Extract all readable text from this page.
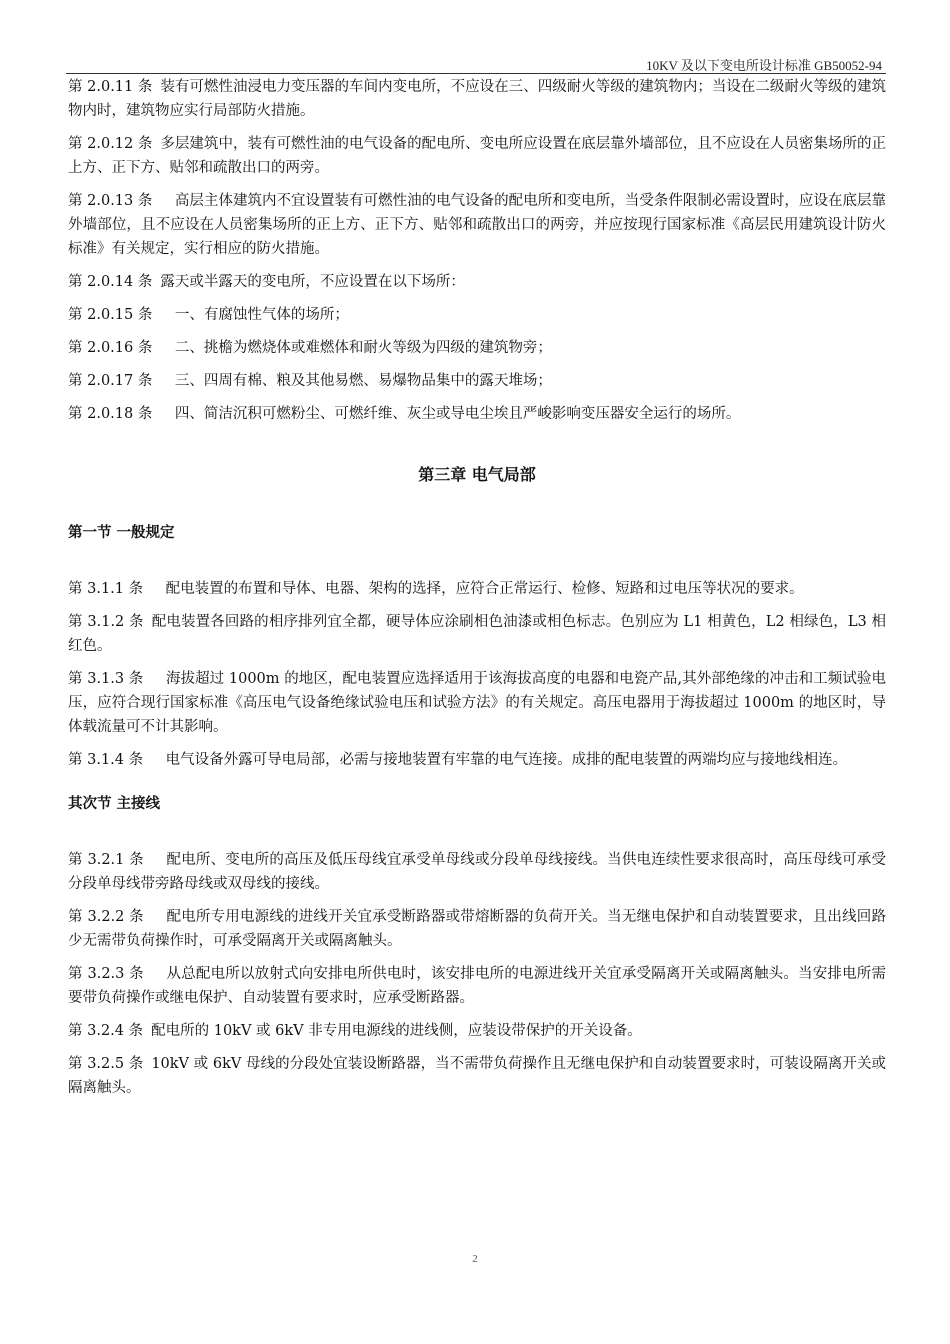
10KV 及以下变电所设计标准 GB50052-94

第 2.0.11 条 装有可燃性油浸电力变压器的车间内变电所，不应设在三、四级耐火等级的建筑物内；当设在二级耐火等级的建筑物内时，建筑物应实行局部防火措施。

第 2.0.12 条 多层建筑中，装有可燃性油的电气设备的配电所、变电所应设置在底层靠外墙部位，且不应设在人员密集场所的正上方、正下方、贴邻和疏散出口的两旁。

第 2.0.13 条　高层主体建筑内不宜设置装有可燃性油的电气设备的配电所和变电所，当受条件限制必需设置时，应设在底层靠外墙部位，且不应设在人员密集场所的正上方、正下方、贴邻和疏散出口的两旁，并应按现行国家标准《高层民用建筑设计防火标准》有关规定，实行相应的防火措施。

第 2.0.14 条 露天或半露天的变电所，不应设置在以下场所：

第 2.0.15 条　一、有腐蚀性气体的场所；

第 2.0.16 条　二、挑檐为燃烧体或难燃体和耐火等级为四级的建筑物旁；

第 2.0.17 条　三、四周有棉、粮及其他易燃、易爆物品集中的露天堆场；

第 2.0.18 条　四、简洁沉积可燃粉尘、可燃纤维、灰尘或导电尘埃且严峻影响变压器安全运行的场所。

第三章 电气局部
第一节 一般规定

第 3.1.1 条　配电装置的布置和导体、电器、架构的选择，应符合正常运行、检修、短路和过电压等状况的要求。

第 3.1.2 条 配电装置各回路的相序排列宜全都，硬导体应涂刷相色油漆或相色标志。色别应为 L1 相黄色，L2 相绿色，L3 相红色。

第 3.1.3 条　海拔超过 1000m 的地区，配电装置应选择适用于该海拔高度的电器和电瓷产品,其外部绝缘的冲击和工频试验电压，应符合现行国家标准《高压电气设备绝缘试验电压和试验方法》的有关规定。高压电器用于海拔超过 1000m 的地区时，导体载流量可不计其影响。

第 3.1.4 条　电气设备外露可导电局部，必需与接地装置有牢靠的电气连接。成排的配电装置的两端均应与接地线相连。

其次节 主接线

第 3.2.1 条　配电所、变电所的高压及低压母线宜承受单母线或分段单母线接线。当供电连续性要求很高时，高压母线可承受分段单母线带旁路母线或双母线的接线。

第 3.2.2 条　配电所专用电源线的进线开关宜承受断路器或带熔断器的负荷开关。当无继电保护和自动装置要求，且出线回路少无需带负荷操作时，可承受隔离开关或隔离触头。

第 3.2.3 条　从总配电所以放射式向安排电所供电时，该安排电所的电源进线开关宜承受隔离开关或隔离触头。当安排电所需要带负荷操作或继电保护、自动装置有要求时，应承受断路器。

第 3.2.4 条 配电所的 10kV 或 6kV 非专用电源线的进线侧，应装设带保护的开关设备。

第 3.2.5 条 10kV 或 6kV 母线的分段处宜装设断路器，当不需带负荷操作且无继电保护和自动装置要求时，可装设隔离开关或隔离触头。

2
